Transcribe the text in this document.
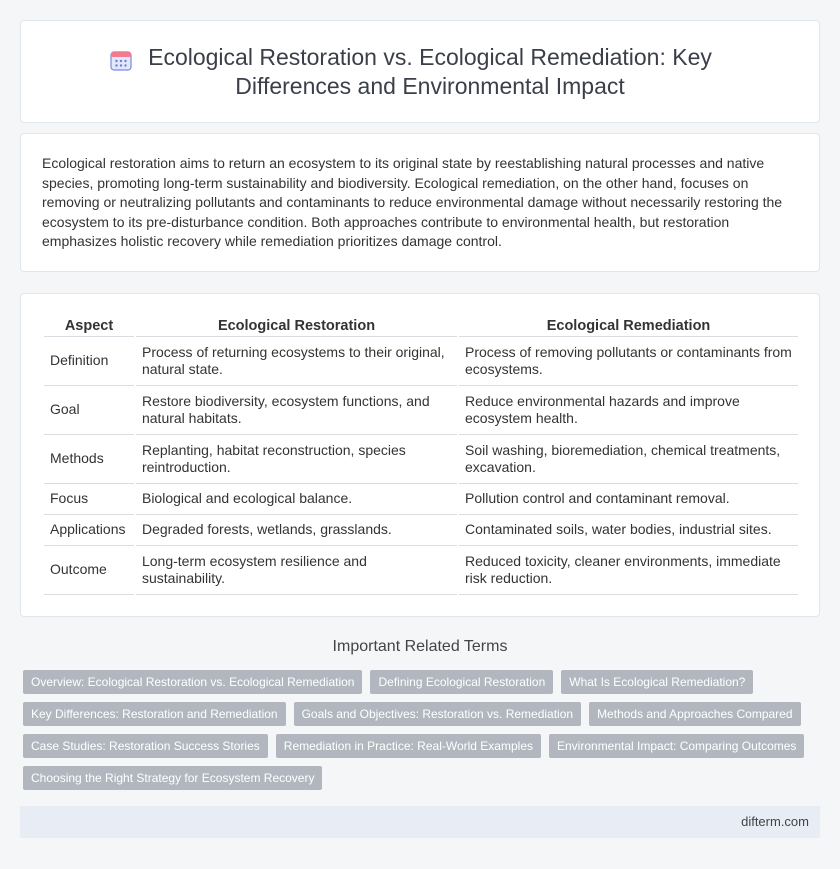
Ecological Restoration vs. Ecological Remediation: Key Differences and Environmental Impact

Ecological restoration aims to return an ecosystem to its original state by reestablishing natural processes and native species, promoting long-term sustainability and biodiversity. Ecological remediation, on the other hand, focuses on removing or neutralizing pollutants and contaminants to reduce environmental damage without necessarily restoring the ecosystem to its pre-disturbance condition. Both approaches contribute to environmental health, but restoration emphasizes holistic recovery while remediation prioritizes damage control.

Aspect	Ecological Restoration	Ecological Remediation
Definition	Process of returning ecosystems to their original, natural state.	Process of removing pollutants or contaminants from ecosystems.
Goal	Restore biodiversity, ecosystem functions, and natural habitats.	Reduce environmental hazards and improve ecosystem health.
Methods	Replanting, habitat reconstruction, species reintroduction.	Soil washing, bioremediation, chemical treatments, excavation.
Focus	Biological and ecological balance.	Pollution control and contaminant removal.
Applications	Degraded forests, wetlands, grasslands.	Contaminated soils, water bodies, industrial sites.
Outcome	Long-term ecosystem resilience and sustainability.	Reduced toxicity, cleaner environments, immediate risk reduction.
Important Related Terms
Overview: Ecological Restoration vs. Ecological Remediation	Defining Ecological Restoration	What Is Ecological Remediation?
Key Differences: Restoration and Remediation	Goals and Objectives: Restoration vs. Remediation	Methods and Approaches Compared
Case Studies: Restoration Success Stories	Remediation in Practice: Real-World Examples	Environmental Impact: Comparing Outcomes
Choosing the Right Strategy for Ecosystem Recovery
difterm.com
